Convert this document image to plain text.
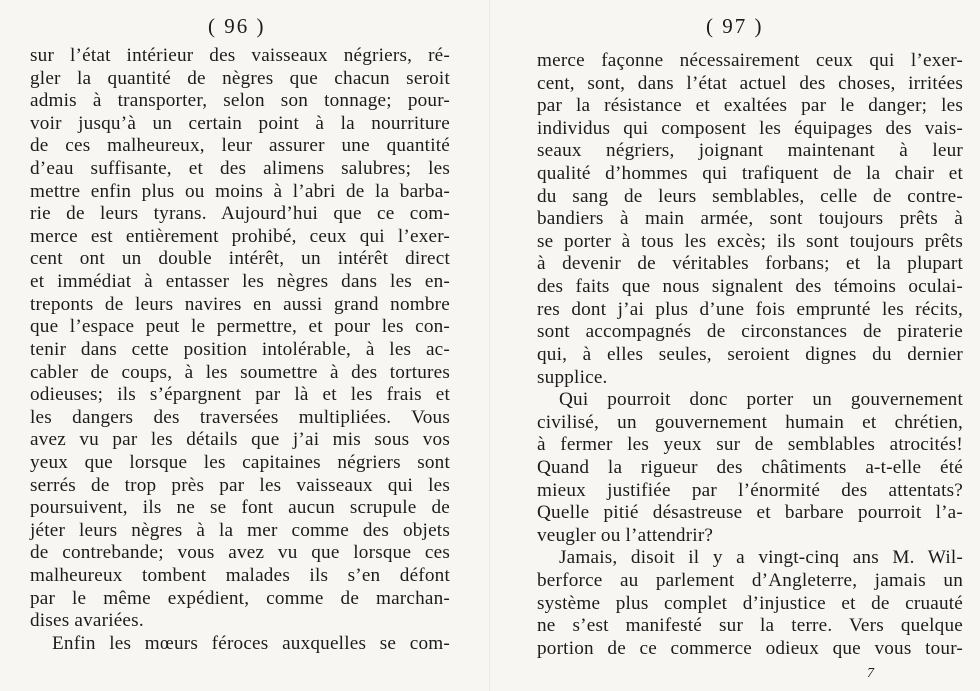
( 96 )
sur l’état intérieur des vaisseaux négriers, ré-
gler la quantité de nègres que chacun seroit
admis à transporter, selon son tonnage; pour-
voir jusqu’à un certain point à la nourriture
de ces malheureux, leur assurer une quantité
d’eau suffisante, et des alimens salubres; les
mettre enfin plus ou moins à l’abri de la barba-
rie de leurs tyrans. Aujourd’hui que ce com-
merce est entièrement prohibé, ceux qui l’exer-
cent ont un double intérêt, un intérêt direct
et immédiat à entasser les nègres dans les en-
treponts de leurs navires en aussi grand nombre
que l’espace peut le permettre, et pour les con-
tenir dans cette position intolérable, à les ac-
cabler de coups, à les soumettre à des tortures
odieuses; ils s’épargnent par là et les frais et
les dangers des traversées multipliées. Vous
avez vu par les détails que j’ai mis sous vos
yeux que lorsque les capitaines négriers sont
serrés de trop près par les vaisseaux qui les
poursuivent, ils ne se font aucun scrupule de
jéter leurs nègres à la mer comme des objets
de contrebande; vous avez vu que lorsque ces
malheureux tombent malades ils s’en défont
par le même expédient, comme de marchan-
dises avariées.
Enfin les mœurs féroces auxquelles se com-
( 97 )
merce façonne nécessairement ceux qui l’exer-
cent, sont, dans l’état actuel des choses, irritées
par la résistance et exaltées par le danger; les
individus qui composent les équipages des vais-
seaux négriers, joignant maintenant à leur
qualité d’hommes qui trafiquent de la chair et
du sang de leurs semblables, celle de contre-
bandiers à main armée, sont toujours prêts à
se porter à tous les excès; ils sont toujours prêts
à devenir de véritables forbans; et la plupart
des faits que nous signalent des témoins oculai-
res dont j’ai plus d’une fois emprunté les récits,
sont accompagnés de circonstances de piraterie
qui, à elles seules, seroient dignes du dernier
supplice.
Qui pourroit donc porter un gouvernement
civilisé, un gouvernement humain et chrétien,
à fermer les yeux sur de semblables atrocités!
Quand la rigueur des châtiments a-t-elle été
mieux justifiée par l’énormité des attentats?
Quelle pitié désastreuse et barbare pourroit l’a-
veugler ou l’attendrir?
Jamais, disoit il y a vingt-cinq ans M. Wil-
berforce au parlement d’Angleterre, jamais un
système plus complet d’injustice et de cruauté
ne s’est manifesté sur la terre. Vers quelque
portion de ce commerce odieux que vous tour-
7
